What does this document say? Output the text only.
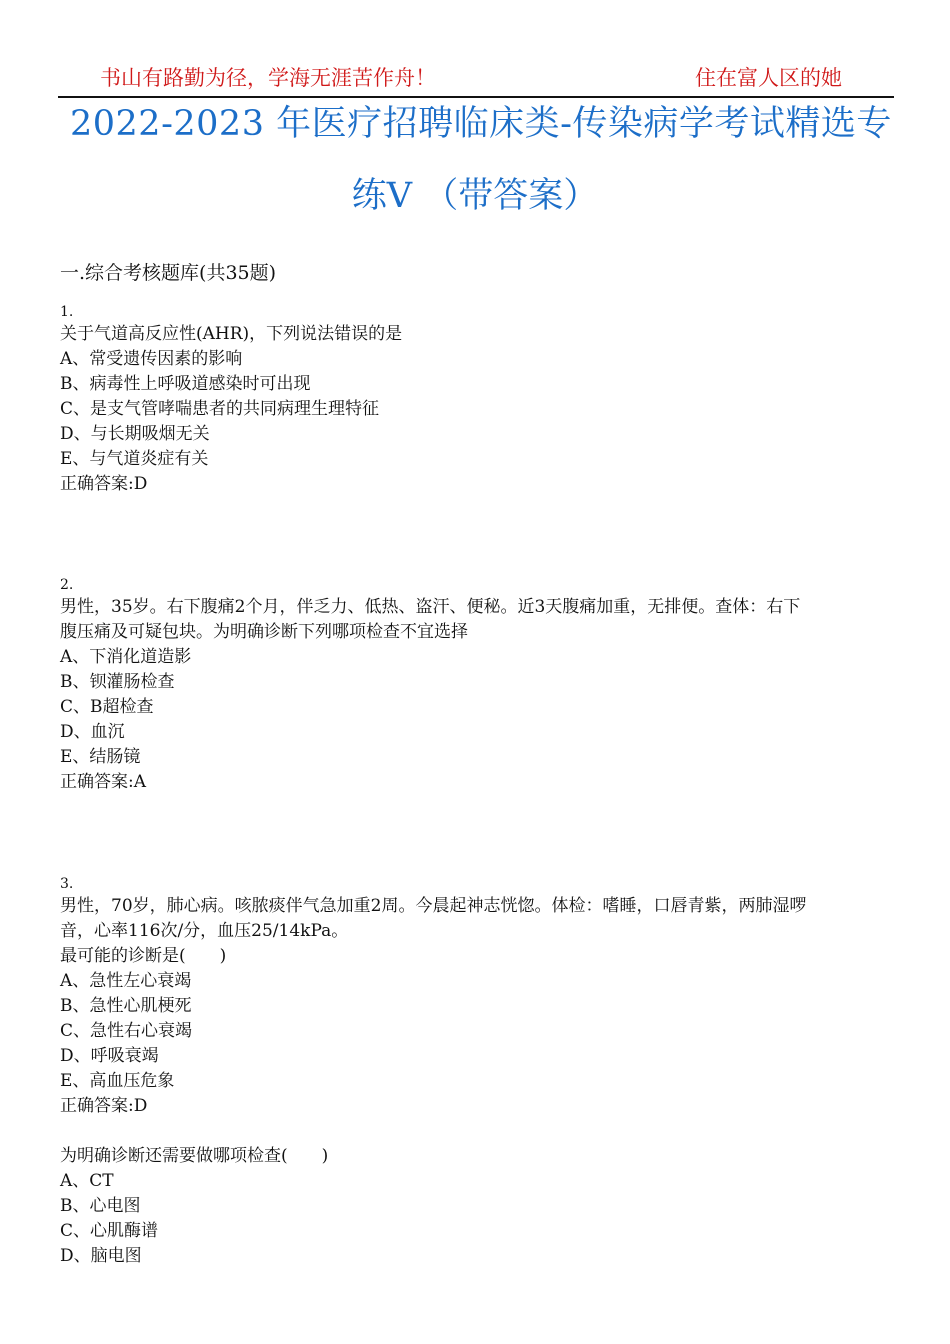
书山有路勤为径，学海无涯苦作舟！	住在富人区的她
2022-2023 年医疗招聘临床类-传染病学考试精选专
练V （带答案）
一.综合考核题库(共35题)
1.
关于气道高反应性(AHR)，下列说法错误的是
A、常受遗传因素的影响
B、病毒性上呼吸道感染时可出现
C、是支气管哮喘患者的共同病理生理特征
D、与长期吸烟无关
E、与气道炎症有关
正确答案:D
2.
男性，35岁。右下腹痛2个月，伴乏力、低热、盗汗、便秘。近3天腹痛加重，无排便。查体：右下
腹压痛及可疑包块。为明确诊断下列哪项检查不宜选择
A、下消化道造影
B、钡灌肠检查
C、B超检查
D、血沉
E、结肠镜
正确答案:A
3.
男性，70岁，肺心病。咳脓痰伴气急加重2周。今晨起神志恍惚。体检：嗜睡，口唇青紫，两肺湿啰
音，心率116次/分，血压25/14kPa。
最可能的诊断是(　　)
A、急性左心衰竭
B、急性心肌梗死
C、急性右心衰竭
D、呼吸衰竭
E、高血压危象
正确答案:D
为明确诊断还需要做哪项检查(　　)
A、CT
B、心电图
C、心肌酶谱
D、脑电图
